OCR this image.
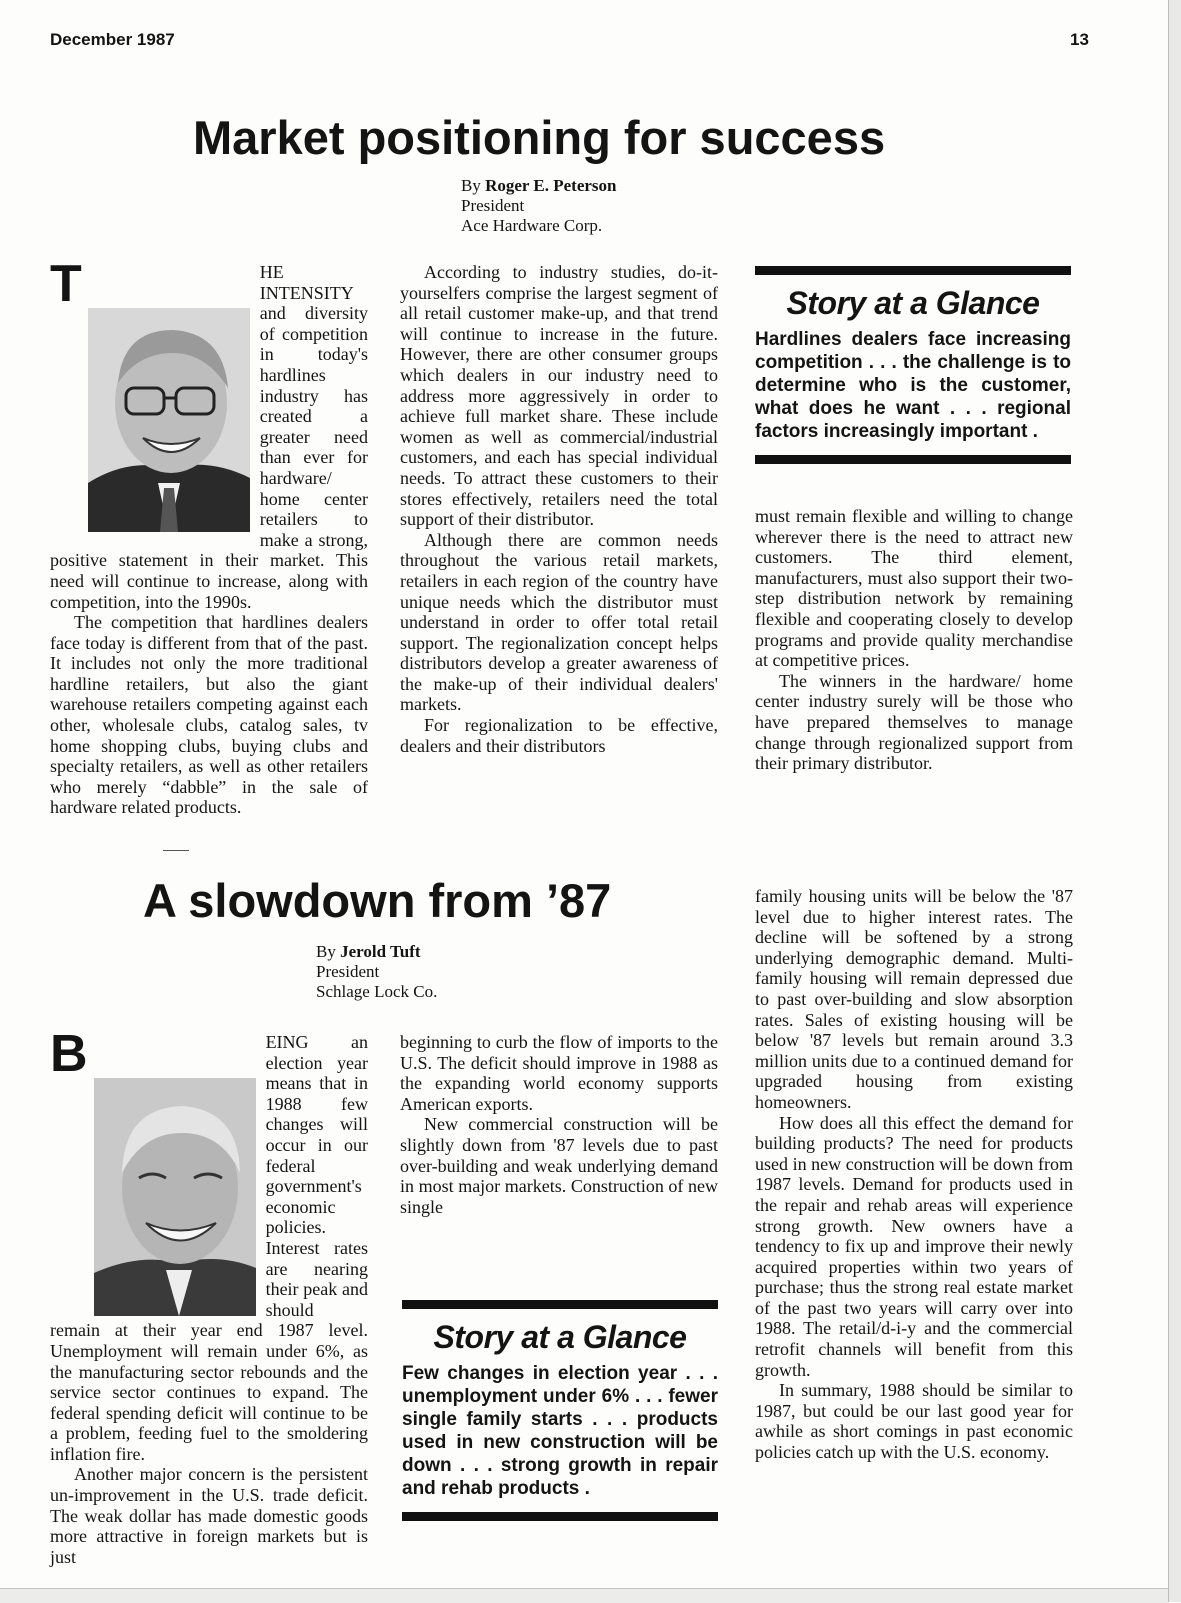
December 1987	13
Market positioning for success
By Roger E. Peterson
President
Ace Hardware Corp.

T	HE INTENSITY and diversity of competition in today's hardlines industry has created a greater need than ever for hardware/ home center retailers to make a strong, positive statement in their market. This need will continue to increase, along with competition, into the 1990s.

The competition that hardlines dealers face today is different from that of the past. It includes not only the more traditional hardline retailers, but also the giant warehouse retailers competing against each other, wholesale clubs, catalog sales, tv home shopping clubs, buying clubs and specialty retailers, as well as other retailers who merely “dabble” in the sale of hardware related products.

According to industry studies, do-it-yourselfers comprise the largest segment of all retail customer make-up, and that trend will continue to increase in the future. However, there are other consumer groups which dealers in our industry need to address more aggressively in order to achieve full market share. These include women as well as commercial/industrial customers, and each has special individual needs. To attract these customers to their stores effectively, retailers need the total support of their distributor.

Although there are common needs throughout the various retail markets, retailers in each region of the country have unique needs which the distributor must understand in order to offer total retail support. The regionalization concept helps distributors develop a greater awareness of the make-up of their individual dealers' markets.

For regionalization to be effective, dealers and their distributors

Story at a Glance
Hardlines dealers face increasing competition . . . the challenge is to determine who is the customer, what does he want . . . regional factors increasingly important .

must remain flexible and willing to change wherever there is the need to attract new customers. The third element, manufacturers, must also support their two-step distribution network by remaining flexible and cooperating closely to develop programs and provide quality merchandise at competitive prices.

The winners in the hardware/ home center industry surely will be those who have prepared themselves to manage change through regionalized support from their primary distributor.

A slowdown from ’87
By Jerold Tuft
President
Schlage Lock Co.

B	EING an election year means that in 1988 few changes will occur in our federal government's economic policies. Interest rates are nearing their peak and should remain at their year end 1987 level. Unemployment will remain under 6%, as the manufacturing sector rebounds and the service sector continues to expand. The federal spending deficit will continue to be a problem, feeding fuel to the smoldering inflation fire.

Another major concern is the persistent un-improvement in the U.S. trade deficit. The weak dollar has made domestic goods more attractive in foreign markets but is just

beginning to curb the flow of imports to the U.S. The deficit should improve in 1988 as the expanding world economy supports American exports.

New commercial construction will be slightly down from '87 levels due to past over-building and weak underlying demand in most major markets. Construction of new single

Story at a Glance
Few changes in election year . . . unemployment under 6% . . . fewer single family starts . . . products used in new construction will be down . . . strong growth in repair and rehab products .

family housing units will be below the '87 level due to higher interest rates. The decline will be softened by a strong underlying demographic demand. Multi-family housing will remain depressed due to past over-building and slow absorption rates. Sales of existing housing will be below '87 levels but remain around 3.3 million units due to a continued demand for upgraded housing from existing homeowners.

How does all this effect the demand for building products? The need for products used in new construction will be down from 1987 levels. Demand for products used in the repair and rehab areas will experience strong growth. New owners have a tendency to fix up and improve their newly acquired properties within two years of purchase; thus the strong real estate market of the past two years will carry over into 1988. The retail/d-i-y and the commercial retrofit channels will benefit from this growth.

In summary, 1988 should be similar to 1987, but could be our last good year for awhile as short comings in past economic policies catch up with the U.S. economy.
